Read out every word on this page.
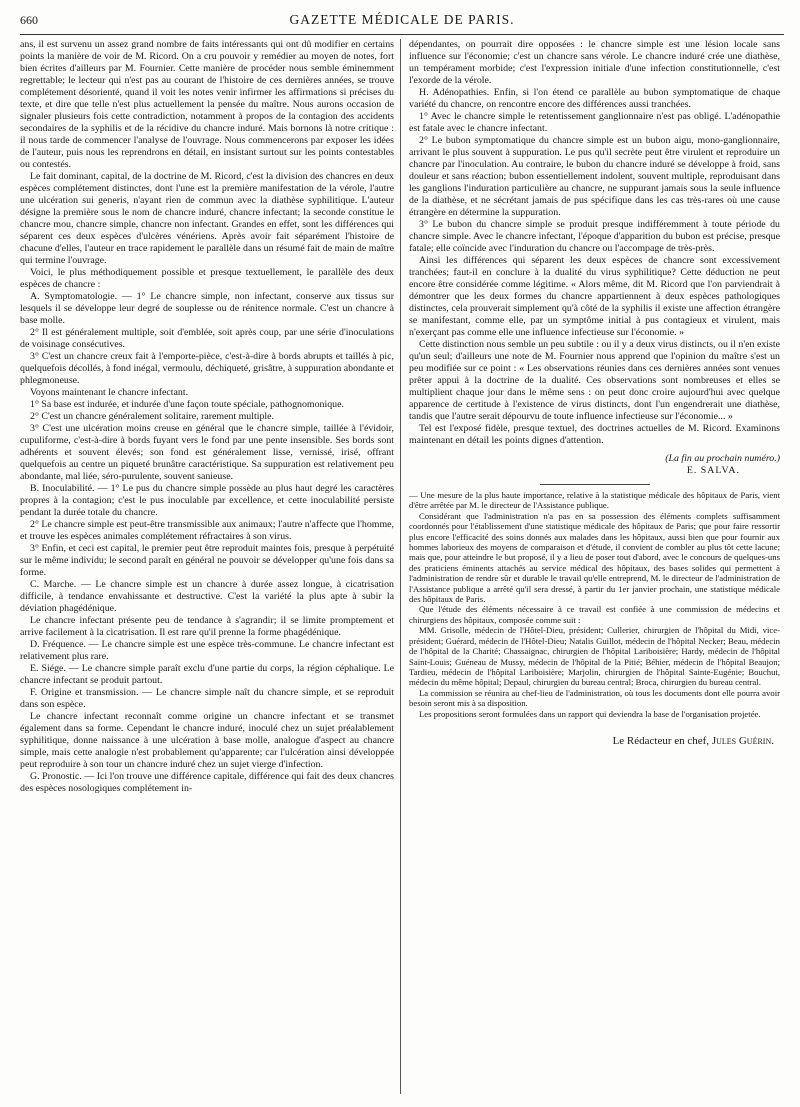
660	GAZETTE MÉDICALE DE PARIS.

ans, il est survenu un assez grand nombre de faits intéressants qui ont dû modifier en certains points la manière de voir de M. Ricord. On a cru pouvoir y remédier au moyen de notes, fort bien écrites d'ailleurs par M. Fournier. Cette manière de procéder nous semble éminemment regrettable; le lecteur qui n'est pas au courant de l'histoire de ces dernières années, se trouve complétement désorienté, quand il voit les notes venir infirmer les affirmations si précises du texte, et dire que telle n'est plus actuellement la pensée du maître. Nous aurons occasion de signaler plusieurs fois cette contradiction, notamment à propos de la contagion des accidents secondaires de la syphilis et de la récidive du chancre induré. Mais bornons là notre critique : il nous tarde de commencer l'analyse de l'ouvrage. Nous commencerons par exposer les idées de l'auteur, puis nous les reprendrons en détail, en insistant surtout sur les points contestables ou contestés.

Le fait dominant, capital, de la doctrine de M. Ricord, c'est la division des chancres en deux espèces complétement distinctes, dont l'une est la première manifestation de la vérole, l'autre une ulcération sui generis, n'ayant rien de commun avec la diathèse syphilitique. L'auteur désigne la première sous le nom de chancre induré, chancre infectant; la seconde constitue le chancre mou, chancre simple, chancre non infectant. Grandes en effet, sont les différences qui séparent ces deux espèces d'ulcères vénériens. Après avoir fait séparément l'histoire de chacune d'elles, l'auteur en trace rapidement le parallèle dans un résumé fait de main de maître qui termine l'ouvrage.

Voici, le plus méthodiquement possible et presque textuellement, le parallèle des deux espèces de chancre :

A. Symptomatologie. — 1° Le chancre simple, non infectant, conserve aux tissus sur lesquels il se développe leur degré de souplesse ou de rénitence normale. C'est un chancre à base molle.

2° Il est généralement multiple, soit d'emblée, soit après coup, par une série d'inoculations de voisinage consécutives.

3° C'est un chancre creux fait à l'emporte-pièce, c'est-à-dire à bords abrupts et taillés à pic, quelquefois décollés, à fond inégal, vermoulu, déchiqueté, grisâtre, à suppuration abondante et phlegmoneuse.

Voyons maintenant le chancre infectant.

1° Sa base est indurée, et indurée d'une façon toute spéciale, pathognomonique.

2° C'est un chancre généralement solitaire, rarement multiple.

3° C'est une ulcération moins creuse en général que le chancre simple, taillée à l'évidoir, cupuliforme, c'est-à-dire à bords fuyant vers le fond par une pente insensible. Ses bords sont adhérents et souvent élevés; son fond est généralement lisse, vernissé, irisé, offrant quelquefois au centre un piqueté brunâtre caractéristique. Sa suppuration est relativement peu abondante, mal liée, séro-purulente, souvent sanieuse.

B. Inoculabilité. — 1° Le pus du chancre simple possède au plus haut degré les caractères propres à la contagion; c'est le pus inoculable par excellence, et cette inoculabilité persiste pendant la durée totale du chancre.

2° Le chancre simple est peut-être transmissible aux animaux; l'autre n'affecte que l'homme, et trouve les espèces animales complétement réfractaires à son virus.

3° Enfin, et ceci est capital, le premier peut être reproduit maintes fois, presque à perpétuité sur le même individu; le second paraît en général ne pouvoir se développer qu'une fois dans sa forme.

C. Marche. — Le chancre simple est un chancre à durée assez longue, à cicatrisation difficile, à tendance envahissante et destructive. C'est la variété la plus apte à subir la déviation phagédénique.

Le chancre infectant présente peu de tendance à s'agrandir; il se limite promptement et arrive facilement à la cicatrisation. Il est rare qu'il prenne la forme phagédénique.

D. Fréquence. — Le chancre simple est une espèce très-commune. Le chancre infectant est relativement plus rare.

E. Siége. — Le chancre simple paraît exclu d'une partie du corps, la région céphalique. Le chancre infectant se produit partout.

F. Origine et transmission. — Le chancre simple naît du chancre simple, et se reproduit dans son espèce.

Le chancre infectant reconnaît comme origine un chancre infectant et se transmet également dans sa forme. Cependant le chancre induré, inoculé chez un sujet préalablement syphilitique, donne naissance à une ulcération à base molle, analogue d'aspect au chancre simple, mais cette analogie n'est probablement qu'apparente; car l'ulcération ainsi développée peut reproduire à son tour un chancre induré chez un sujet vierge d'infection.

G. Pronostic. — Ici l'on trouve une différence capitale, différence qui fait des deux chancres des espèces nosologiques complétement in-

dépendantes, on pourrait dire opposées : le chancre simple est une lésion locale sans influence sur l'économie; c'est un chancre sans vérole. Le chancre induré crée une diathèse, un tempérament morbide; c'est l'expression initiale d'une infection constitutionnelle, c'est l'exorde de la vérole.

H. Adénopathies. Enfin, si l'on étend ce parallèle au bubon symptomatique de chaque variété du chancre, on rencontre encore des différences aussi tranchées.

1° Avec le chancre simple le retentissement ganglionnaire n'est pas obligé. L'adénopathie est fatale avec le chancre infectant.

2° Le bubon symptomatique du chancre simple est un bubon aigu, mono-ganglionnaire, arrivant le plus souvent à suppuration. Le pus qu'il secrète peut être virulent et reproduire un chancre par l'inoculation. Au contraire, le bubon du chancre induré se développe à froid, sans douleur et sans réaction; bubon essentiellement indolent, souvent multiple, reproduisant dans les ganglions l'induration particulière au chancre, ne suppurant jamais sous la seule influence de la diathèse, et ne sécrétant jamais de pus spécifique dans les cas très-rares où une cause étrangère en détermine la suppuration.

3° Le bubon du chancre simple se produit presque indifféremment à toute période du chancre simple. Avec le chancre infectant, l'époque d'apparition du bubon est précise, presque fatale; elle coïncide avec l'induration du chancre ou l'accompage de très-près.

Ainsi les différences qui séparent les deux espèces de chancre sont excessivement tranchées; faut-il en conclure à la dualité du virus syphilitique? Cette déduction ne peut encore être considérée comme légitime. « Alors même, dit M. Ricord que l'on parviendrait à démontrer que les deux formes du chancre appartiennent à deux espèces pathologiques distinctes, cela prouverait simplement qu'à côté de la syphilis il existe une affection étrangère se manifestant, comme elle, par un symptôme initial à pus contagieux et virulent, mais n'exerçant pas comme elle une influence infectieuse sur l'économie. »

Cette distinction nous semble un peu subtile : ou il y a deux virus distincts, ou il n'en existe qu'un seul; d'ailleurs une note de M. Fournier nous apprend que l'opinion du maître s'est un peu modifiée sur ce point : « Les observations réunies dans ces dernières années sont venues prêter appui à la doctrine de la dualité. Ces observations sont nombreuses et elles se multiplient chaque jour dans le même sens : on peut donc croire aujourd'hui avec quelque apparence de certitude à l'existence de virus distincts, dont l'un engendrerait une diathèse, tandis que l'autre serait dépourvu de toute influence infectieuse sur l'économie... »

Tel est l'exposé fidèle, presque textuel, des doctrines actuelles de M. Ricord. Examinons maintenant en détail les points dignes d'attention.

(La fin au prochain numéro.)
E. SALVA.

— Une mesure de la plus haute importance, relative à la statistique médicale des hôpitaux de Paris, vient d'être arrêtée par M. le directeur de l'Assistance publique.

Considérant que l'administration n'a pas en sa possession des éléments complets suffisamment coordonnés pour l'établissement d'une statistique médicale des hôpitaux de Paris; que pour faire ressortir plus encore l'efficacité des soins donnés aux malades dans les hôpitaux, aussi bien que pour fournir aux hommes laborieux des moyens de comparaison et d'étude, il convient de combler au plus tôt cette lacune; mais que, pour atteindre le but proposé, il y a lieu de poser tout d'abord, avec le concours de quelques-uns des praticiens éminents attachés au service médical des hôpitaux, des bases solides qui permettent à l'administration de rendre sûr et durable le travail qu'elle entreprend, M. le directeur de l'administration de l'Assistance publique a arrêté qu'il sera dressé, à partir du 1er janvier prochain, une statistique médicale des hôpitaux de Paris.

Que l'étude des éléments nécessaire à ce travail est confiée à une commission de médecins et chirurgiens des hôpitaux, composée comme suit :

MM. Grisolle, médecin de l'Hôtel-Dieu, président; Cullerier, chirurgien de l'hôpital du Midi, vice-président; Guérard, médecin de l'Hôtel-Dieu; Natalis Guillot, médecin de l'hôpital Necker; Beau, médecin de l'hôpital de la Charité; Chassaignac, chirurgien de l'hôpital Lariboisière; Hardy, médecin de l'hôpital Saint-Louis; Guéneau de Mussy, médecin de l'hôpital de la Pitié; Béhier, médecin de l'hôpital Beaujon; Tardieu, médecin de l'hôpital Lariboisière; Marjolin, chirurgien de l'hôpital Sainte-Eugénie; Bouchut, médecin du même hôpital; Depaul, chirurgien du bureau central; Broca, chirurgien du bureau central.

La commission se réunira au chef-lieu de l'administration, où tous les documents dont elle pourra avoir besoin seront mis à sa disposition.

Les propositions seront formulées dans un rapport qui deviendra la base de l'organisation projetée.

Le Rédacteur en chef, Jules Guérin.
